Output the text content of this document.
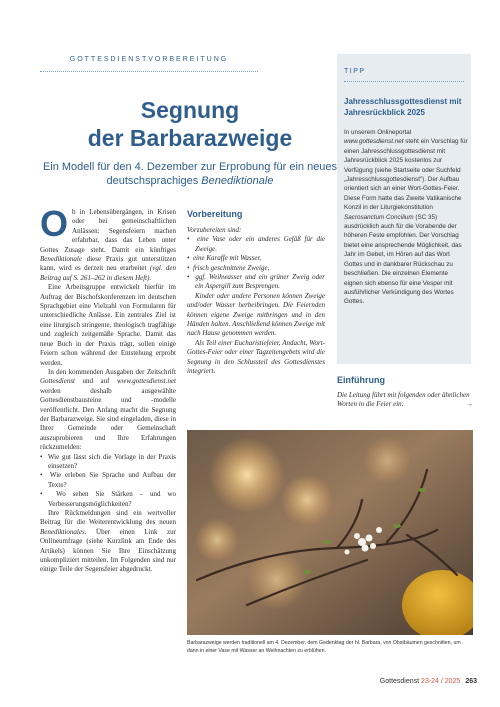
GOTTESDIENSTVORBEREITUNG
Segnung
der Barbarazweige
Ein Modell für den 4. Dezember zur Erprobung für ein neues deutschsprachiges Benediktionale

Ob in Lebensübergängen, in Krisen oder bei gemeinschaftlichen Anlässen: Segensfeiern machen erfahrbar, dass das Leben unter Gottes Zusage steht. Damit ein künftiges Benediktionale diese Praxis gut unterstützen kann, wird es derzeit neu erarbeitet (vgl. den Beitrag auf S. 261–262 in diesem Heft).

Eine Arbeitsgruppe entwickelt hierfür im Auftrag der Bischofskonferenzen im deutschen Sprachgebiet eine Vielzahl von Formularen für unterschiedliche Anlässe. Ein zentrales Ziel ist eine liturgisch stringente, theologisch tragfähige und zugleich zeitgemäße Sprache. Damit das neue Buch in der Praxis trägt, sollen einige Feiern schon während der Entstehung erprobt werden.

In den kommenden Ausgaben der Zeitschrift Gottesdienst und auf www.gottesdienst.net werden deshalb ausgewählte Gottesdienstbausteine und -modelle veröffentlicht. Den Anfang macht die Segnung der Barbarazweige. Sie sind eingeladen, diese in Ihrer Gemeinde oder Gemeinschaft auszuprobieren und Ihre Erfahrungen rückzumelden:

•  Wie gut lässt sich die Vorlage in der Praxis einsetzen?

•  Wie erleben Sie Sprache und Aufbau der Texte?

•  Wo sehen Sie Stärken – und wo Verbesserungsmöglichkeiten?

Ihre Rückmeldungen sind ein wertvoller Beitrag für die Weiterentwicklung des neuen Benediktionales. Über einen Link zur Onlineumfrage (siehe Kurzlink am Ende des Artikels) können Sie Ihre Einschätzung unkompliziert mitteilen. Im Folgenden sind nur einige Teile der Segensfeier abgedruckt.

Vorbereitung

Vorzubereiten sind:

•  eine Vase oder ein anderes Gefäß für die Zweige.

•  eine Karaffe mit Wasser,

•  frisch geschnittene Zweige,

•  ggf. Weihwasser und ein grüner Zweig oder ein Aspergill zum Besprengen.

Kinder oder andere Personen können Zweige und/oder Wasser herbeibringen. Die Feiernden können eigene Zweige mitbringen und in den Händen halten. Anschließend können Zweige mit nach Hause genommen werden.

Als Teil einer Eucharistiefeier, Andacht, Wort-Gottes-Feier oder einer Tagzeitengebets wird die Segnung in den Schlussteil des Gottesdienstes integriert.

TIPP
Jahresschlussgottesdienst mit Jahresrückblick 2025
In unserem Onlineportal www.gottesdienst.net steht ein Vorschlag für einen Jahresschlussgottesdienst mit Jahresrückblick 2025 kostenlos zur Verfügung (siehe Startseite oder Suchfeld „Jahresschlussgottesdienst"). Der Aufbau orientiert sich an einer Wort-Gottes-Feier. Diese Form hatte das Zweite Vatikanische Konzil in der Liturgiekonstitution Sacrosanctum Concilium (SC 35) ausdrücklich auch für die Vorabende der höheren Feste empfohlen. Der Vorschlag bietet eine ansprechende Möglichkeit, das Jahr im Gebet, im Hören auf das Wort Gottes und in dankbarer Rückschau zu beschließen. Die einzelnen Elemente eignen sich ebenso für eine Vesper mit ausführlicher Verkündigung des Wortes Gottes.
Einführung

Die Leitung führt mit folgenden oder ähnlichen Worten in die Feier ein:	→

Barbarazweige werden traditionell am 4. Dezember, dem Gedenktag der hl. Barbara, von Obstbäumen geschnitten, um dann in einer Vase mit Wasser an Weihnachten zu erblühen.
Gottesdienst 23-24 / 2025 263
